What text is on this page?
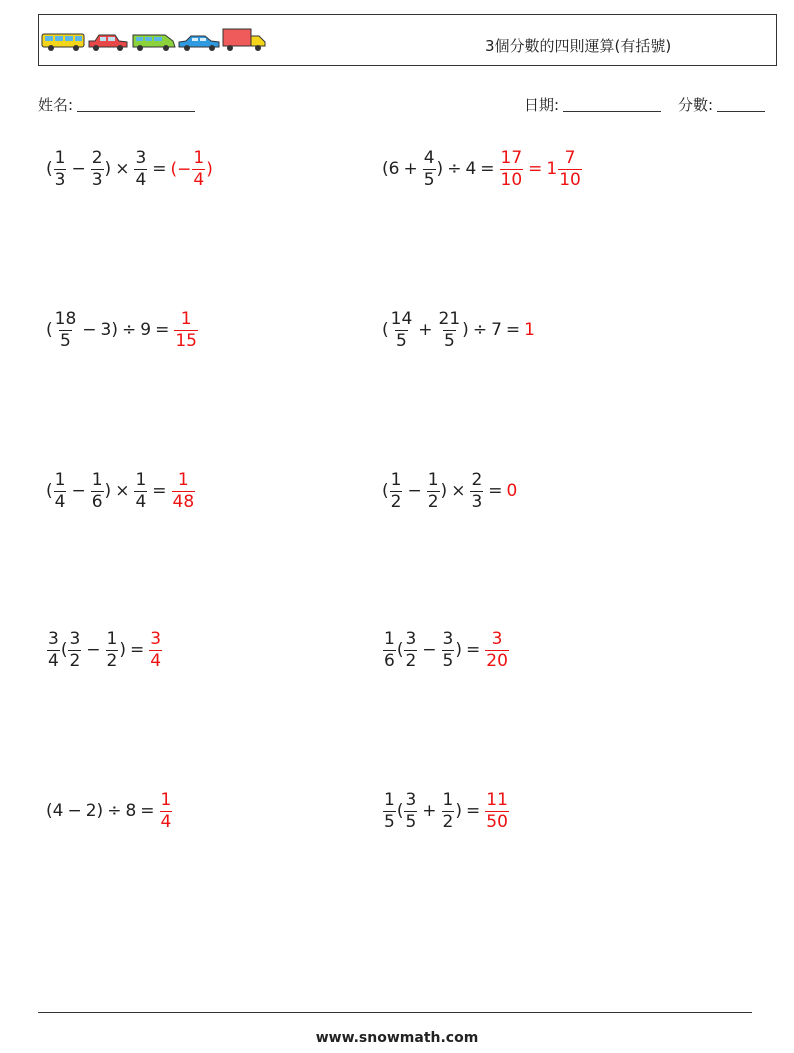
3個分數的四則運算(有括號)
姓名:	日期:	分數:
( $\frac{1}{3} - \frac{2}{3}$ ) × $\frac{3}{4}$ = (− $\frac{1}{4}$ )	( $6 + \frac{4}{5}$ ) ÷ $4 = \frac{17}{10} = 1 \frac{7}{10}$
( $\frac{18}{5} - 3$ ) ÷ $9 = \frac{1}{15}$	( $\frac{14}{5} + \frac{21}{5}$ ) ÷ 7 = 1
( $\frac{1}{4} - \frac{1}{6}$ ) × $\frac{1}{4} = \frac{1}{48}$	( $\frac{1}{2} - \frac{1}{2}$ ) × $\frac{2}{3} = 0$
$\frac{3}{4}$ ( $\frac{3}{2} - \frac{1}{2}$ ) = $\frac{3}{4}$	$\frac{1}{6}$ ( $\frac{3}{2} - \frac{3}{5}$ ) = $\frac{3}{20}$
( 4 − 2 ) ÷ $8 = \frac{1}{4}$	$\frac{1}{5}$ ( $\frac{3}{5} + \frac{1}{2}$ ) = $\frac{11}{50}$
www.snowmath.com
